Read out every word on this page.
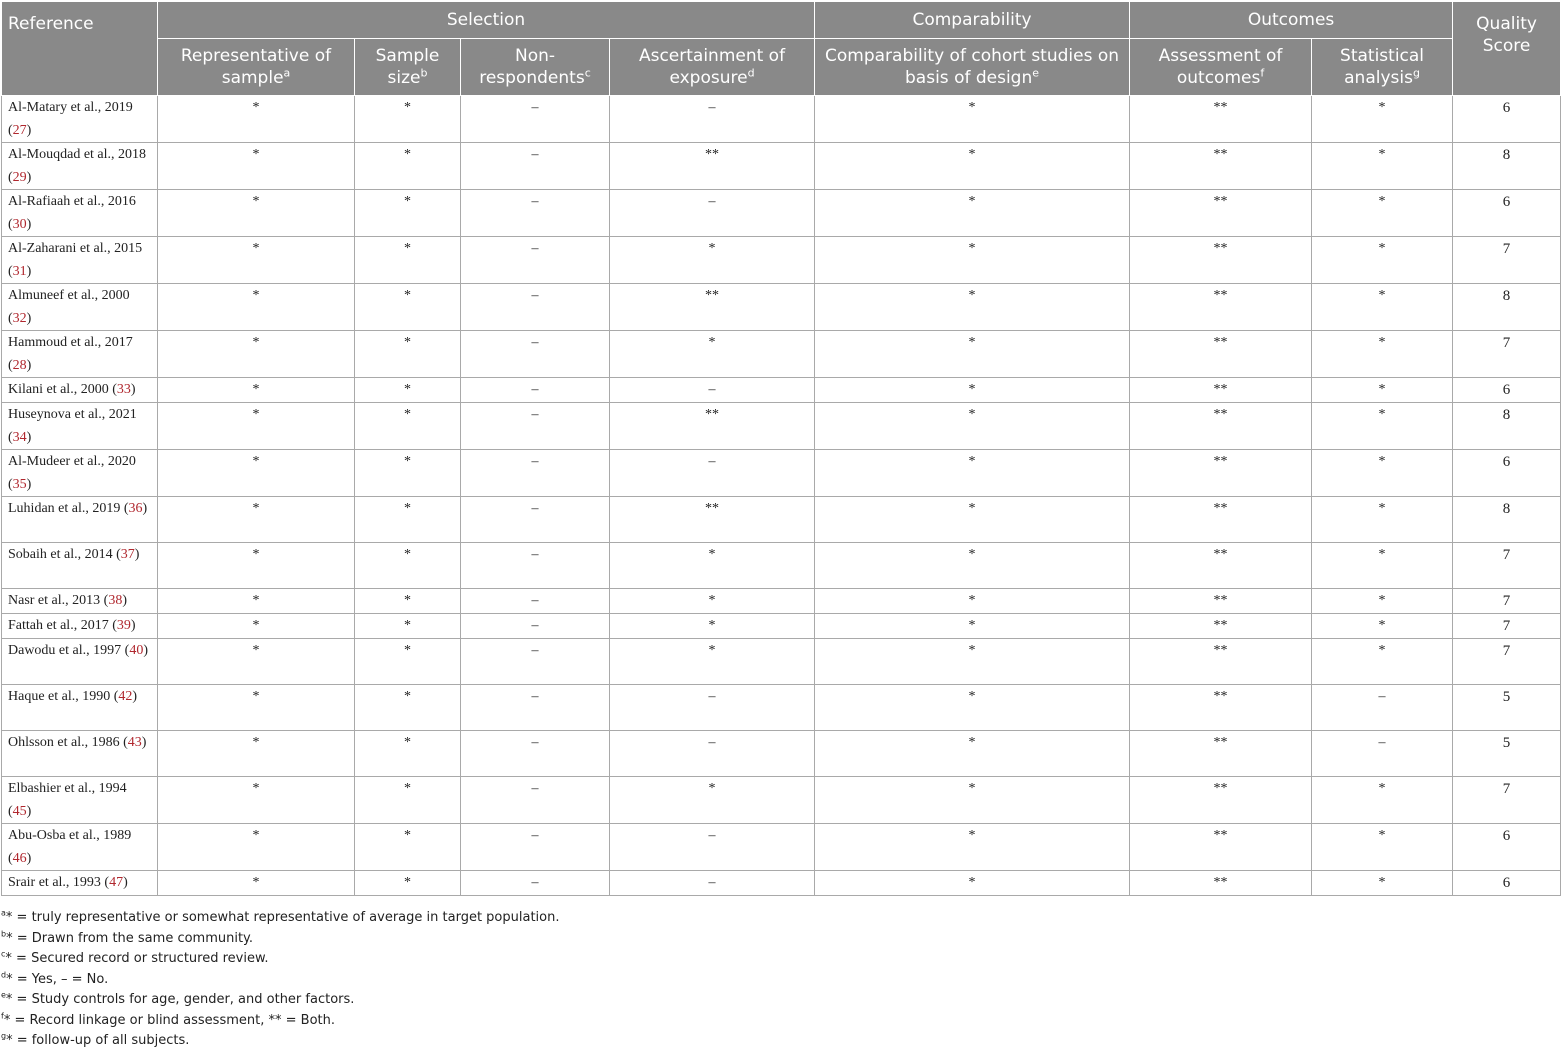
Reference	Selection				Comparability	Outcomes		Quality Score
	Representative of sample$^a$	Sample size$^b$	Non-respondents$^c$	Ascertainment of exposure$^d$	Comparability of cohort studies on basis of design$^e$	Assessment of outcomes$^f$	Statistical analysis$^g$
Al-Matary et al., 2019 (27)	*	*	–	–	*	**	*	6
Al-Mouqdad et al., 2018 (29)	*	*	–	**	*	**	*	8
Al-Rafiaah et al., 2016 (30)	*	*	–	–	*	**	*	6
Al-Zaharani et al., 2015 (31)	*	*	–	*	*	**	*	7
Almuneef et al., 2000 (32)	*	*	–	**	*	**	*	8
Hammoud et al., 2017 (28)	*	*	–	*	*	**	*	7
Kilani et al., 2000 (33)	*	*	–	–	*	**	*	6
Huseynova et al., 2021 (34)	*	*	–	**	*	**	*	8
Al-Mudeer et al., 2020 (35)	*	*	–	–	*	**	*	6
Luhidan et al., 2019 (36)	*	*	–	**	*	**	*	8
Sobaih et al., 2014 (37)	*	*	–	*	*	**	*	7
Nasr et al., 2013 (38)	*	*	–	*	*	**	*	7
Fattah et al., 2017 (39)	*	*	–	*	*	**	*	7
Dawodu et al., 1997 (40)	*	*	–	*	*	**	*	7
Haque et al., 1990 (42)	*	*	–	–	*	**	–	5
Ohlsson et al., 1986 (43)	*	*	–	–	*	**	–	5
Elbashier et al., 1994 (45)	*	*	–	*	*	**	*	7
Abu-Osba et al., 1989 (46)	*	*	–	–	*	**	*	6
Srair et al., 1993 (47)	*	*	–	–	*	**	*	6
$^a$* = truly representative or somewhat representative of average in target population.
$^b$* = Drawn from the same community.
$^c$* = Secured record or structured review.
$^d$* = Yes, – = No.
$^e$* = Study controls for age, gender, and other factors.
$^f$* = Record linkage or blind assessment, ** = Both.
$^g$* = follow-up of all subjects.
